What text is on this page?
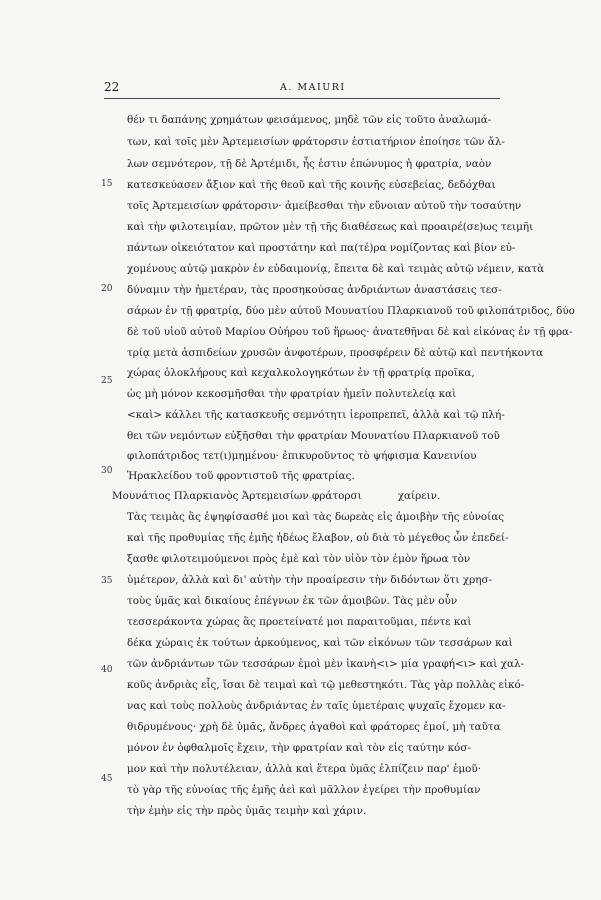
22	A. MAIURI
15
20
25
30
35
40
45
θέν τι δαπάνης χρημάτων φεισάμενος, μηδὲ τῶν εἰς τοῦτο ἀναλωμά-
των, καὶ τοῖς μὲν Ἀρτεμεισίων φράτορσιν ἑστιατήριον ἐποίησε τῶν ἄλ-
λων σεμνότερον, τῇ δὲ Ἀρτέμιδι, ἧς ἐστιν ἐπώνυμος ἡ φρατρία, ναὸν
κατεσκεύασεν ἄξιον καὶ τῆς θεοῦ καὶ τῆς κοινῆς εὐσεβείας, δεδόχθαι
τοῖς Ἀρτεμεισίων φράτορσιν· ἀμείβεσθαι τὴν εὔνοιαν αὐτοῦ τὴν τοσαύτην
καὶ τὴν φιλοτειμίαν, πρῶτον μὲν τῇ τῆς διαθέσεως καὶ προαιρέ(σε)ως τειμῆι
πάντων οἰκειότατον καὶ προστάτην καὶ πα(τέ)ρα νομίζοντας καὶ βίον εὐ-
χομένους αὐτῷ μακρὸν ἐν εὐδαιμονίᾳ, ἔπειτα δὲ καὶ τειμὰς αὐτῷ νέμειν, κατὰ
δύναμιν τὴν ἡμετέραν, τὰς προσηκούσας ἀνδριάντων ἀναστάσεις τεσ-
σάρων ἐν τῇ φρατρίᾳ, δύο μὲν αὐτοῦ Μουνατίου Πλαρκιανοῦ τοῦ φιλοπάτριδος, δύο
δὲ τοῦ υἱοῦ αὐτοῦ Μαρίου Οὐήρου τοῦ ἥρωος· ἀνατεθῆναι δὲ καὶ εἰκόνας ἐν τῇ φρα-
τρίᾳ μετὰ ἀσπιδείων χρυσῶν ἀνφοτέρων, προσφέρειν δὲ αὐτῷ καὶ πεντήκοντα
χώρας ὁλοκλήρους καὶ κεχαλκολογηκότων ἐν τῇ φρατρίᾳ προῖκα,
ὡς μὴ μόνον κεκοσμῆσθαι τὴν φρατρίαν ἡμεῖν πολυτελείᾳ καὶ
<καὶ> κάλλει τῆς κατασκευῆς σεμνότητι ἱεροπρεπεῖ, ἀλλὰ καὶ τῷ πλή-
θει τῶν νεμόντων εὐξῆσθαι τὴν φρατρίαν Μουνατίου Πλαρκιανοῦ τοῦ
φιλοπάτριδος τετ(ι)μημένου· ἐπικυροῦντος τὸ ψήφισμα Κανεινίου
Ἡρακλείδου τοῦ φροντιστοῦ τῆς φρατρίας.
Μουνάτιος Πλαρκιανὸς Ἀρτεμεισίων φράτορσι	χαίρειν.
Τὰς τειμὰς ἃς ἐψηφίσασθέ μοι καὶ τὰς δωρεὰς εἰς ἀμοιβὴν τῆς εὐνοίας
καὶ τῆς προθυμίας τῆς ἐμῆς ἡδέως ἔλαβον, οὐ διὰ τὸ μέγεθος ὧν ἐπεδεί-
ξασθε φιλοτειμούμενοι πρὸς ἐμὲ καὶ τὸν υἱὸν τὸν ἐμὸν ἥρωα τὸν
ὑμέτερον, ἀλλὰ καὶ δι' αὐτὴν τὴν προαίρεσιν τὴν διδόντων ὅτι χρησ-
τοὺς ὑμᾶς καὶ δικαίους ἐπέγνων ἐκ τῶν ἀμοιβῶν. Τὰς μὲν οὖν
τεσσεράκοντα χώρας ἃς προετείνατέ μοι παραιτοῦμαι, πέντε καὶ
δέκα χώραις ἐκ τούτων ἀρκούμενος, καὶ τῶν εἰκόνων τῶν τεσσάρων καὶ
τῶν ἀνδριάντων τῶν τεσσάρων ἐμοὶ μὲν ἱκανὴ<ι> μία γραφή<ι> καὶ χαλ-
κοῦς ἀνδριὰς εἷς, ἴσαι δὲ τειμαὶ καὶ τῷ μεθεστηκότι. Τὰς γὰρ πολλὰς εἰκό-
νας καὶ τοὺς πολλοὺς ἀνδριάντας ἐν ταῖς ὑμετέραις ψυχαῖς ἔχομεν κα-
θιδρυμένους· χρὴ δὲ ὑμᾶς, ἄνδρες ἀγαθοὶ καὶ φράτορες ἐμοί, μὴ ταῦτα
μόνον ἐν ὀφθαλμοῖς ἔχειν, τὴν φρατρίαν καὶ τὸν εἰς ταύτην κόσ-
μον καὶ τὴν πολυτέλειαν, ἀλλὰ καὶ ἕτερα ὑμᾶς ἐλπίζειν παρ' ἐμοῦ·
τὸ γὰρ τῆς εὐνοίας τῆς ἐμῆς ἀεὶ καὶ μᾶλλον ἐγείρει τὴν προθυμίαν
τὴν ἐμὴν εἰς τὴν πρὸς ὑμᾶς τειμὴν καὶ χάριν.
